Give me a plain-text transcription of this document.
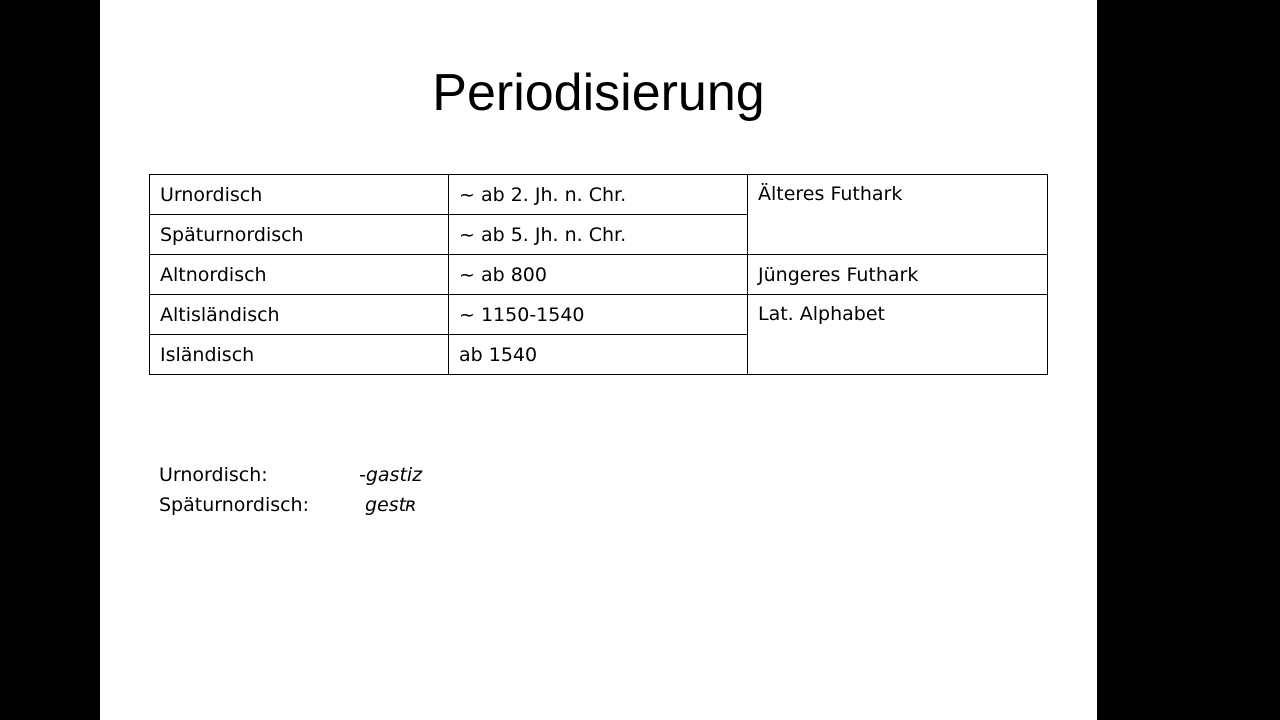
Periodisierung
Urnordisch	~ ab 2. Jh. n. Chr.	Älteres Futhark
Späturnordisch	~ ab 5. Jh. n. Chr.	
Altnordisch	~ ab 800	Jüngeres Futhark
Altisländisch	~ 1150-1540	Lat. Alphabet
Isländisch	ab 1540	
Urnordisch:	-gastiz
Späturnordisch:	gestʀ
